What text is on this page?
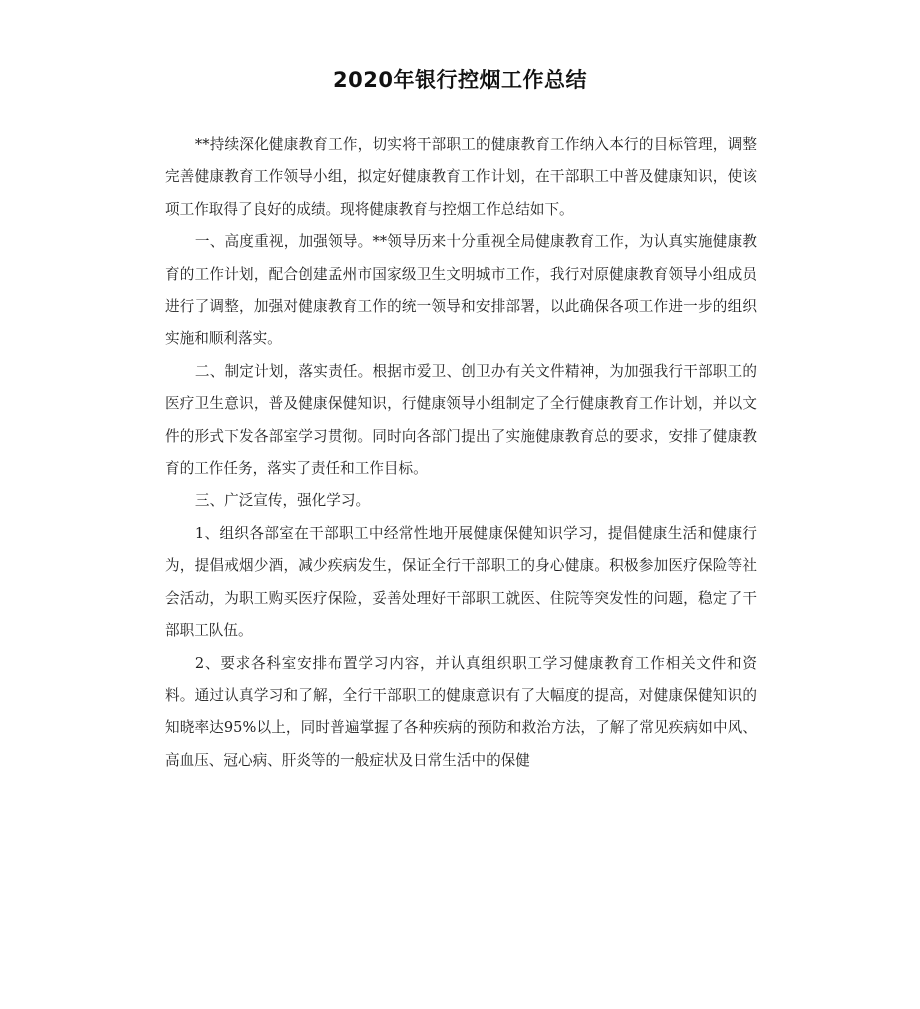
2020年银行控烟工作总结

**持续深化健康教育工作，切实将干部职工的健康教育工作纳入本行的目标管理，调整完善健康教育工作领导小组，拟定好健康教育工作计划，在干部职工中普及健康知识，使该项工作取得了良好的成绩。现将健康教育与控烟工作总结如下。

一、高度重视，加强领导。**领导历来十分重视全局健康教育工作，为认真实施健康教育的工作计划，配合创建孟州市国家级卫生文明城市工作，我行对原健康教育领导小组成员进行了调整，加强对健康教育工作的统一领导和安排部署，以此确保各项工作进一步的组织实施和顺利落实。

二、制定计划，落实责任。根据市爱卫、创卫办有关文件精神，为加强我行干部职工的医疗卫生意识，普及健康保健知识，行健康领导小组制定了全行健康教育工作计划，并以文件的形式下发各部室学习贯彻。同时向各部门提出了实施健康教育总的要求，安排了健康教育的工作任务，落实了责任和工作目标。

三、广泛宣传，强化学习。

1、组织各部室在干部职工中经常性地开展健康保健知识学习，提倡健康生活和健康行为，提倡戒烟少酒，减少疾病发生，保证全行干部职工的身心健康。积极参加医疗保险等社会活动，为职工购买医疗保险，妥善处理好干部职工就医、住院等突发性的问题，稳定了干部职工队伍。

2、要求各科室安排布置学习内容，并认真组织职工学习健康教育工作相关文件和资料。通过认真学习和了解，全行干部职工的健康意识有了大幅度的提高，对健康保健知识的知晓率达95%以上，同时普遍掌握了各种疾病的预防和救治方法，了解了常见疾病如中风、高血压、冠心病、肝炎等的一般症状及日常生活中的保健
